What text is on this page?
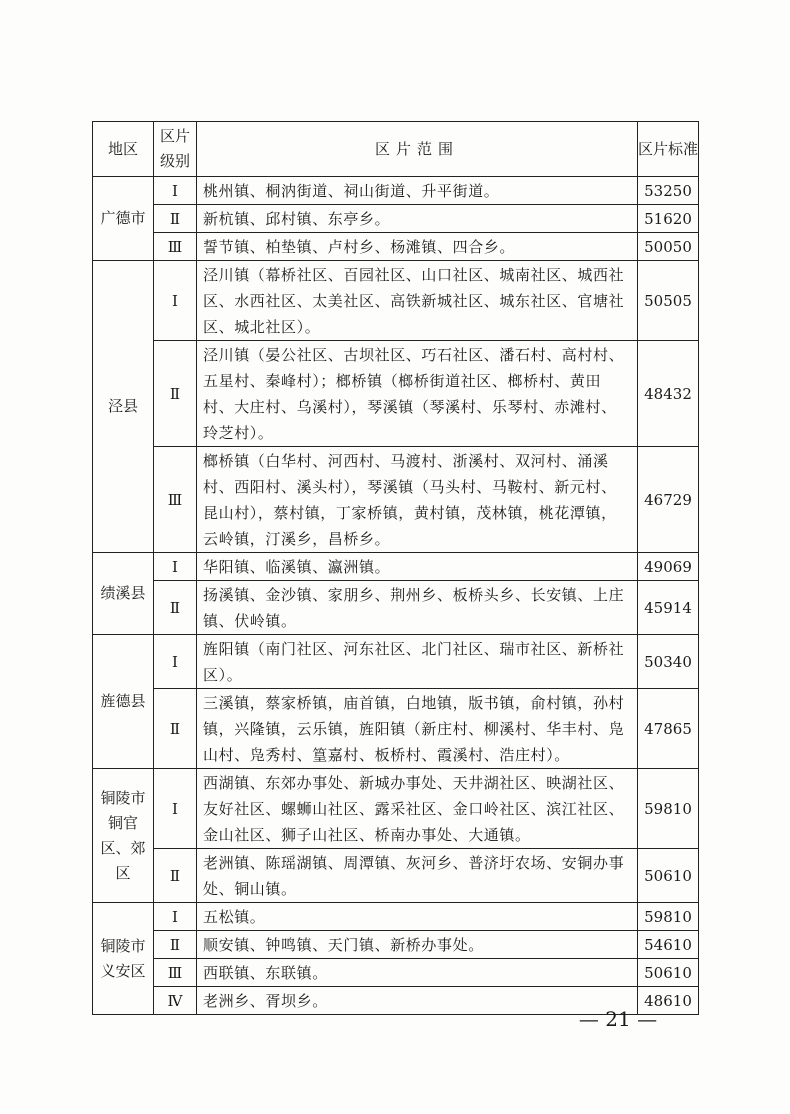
地区	区片级别	区片范围	区片标准
广德市	Ⅰ	桃州镇、桐汭街道、祠山街道、升平街道。	53250
	Ⅱ	新杭镇、邱村镇、东亭乡。	51620
	Ⅲ	誓节镇、柏垫镇、卢村乡、杨滩镇、四合乡。	50050
泾县	Ⅰ	泾川镇（幕桥社区、百园社区、山口社区、城南社区、城西社区、水西社区、太美社区、高铁新城社区、城东社区、官塘社区、城北社区）。	50505
	Ⅱ	泾川镇（晏公社区、古坝社区、巧石社区、潘石村、高村村、五星村、秦峰村）；榔桥镇（榔桥街道社区、榔桥村、黄田村、大庄村、乌溪村），琴溪镇（琴溪村、乐琴村、赤滩村、玲芝村）。	48432
	Ⅲ	榔桥镇（白华村、河西村、马渡村、浙溪村、双河村、涌溪村、西阳村、溪头村），琴溪镇（马头村、马鞍村、新元村、昆山村），蔡村镇，丁家桥镇，黄村镇，茂林镇，桃花潭镇，云岭镇，汀溪乡，昌桥乡。	46729
绩溪县	Ⅰ	华阳镇、临溪镇、瀛洲镇。	49069
	Ⅱ	扬溪镇、金沙镇、家朋乡、荆州乡、板桥头乡、长安镇、上庄镇、伏岭镇。	45914
旌德县	Ⅰ	旌阳镇（南门社区、河东社区、北门社区、瑞市社区、新桥社区）。	50340
	Ⅱ	三溪镇，蔡家桥镇，庙首镇，白地镇，版书镇，俞村镇，孙村镇，兴隆镇，云乐镇，旌阳镇（新庄村、柳溪村、华丰村、凫山村、凫秀村、篁嘉村、板桥村、霞溪村、浩庄村）。	47865
铜陵市铜官区、郊区	Ⅰ	西湖镇、东郊办事处、新城办事处、天井湖社区、映湖社区、友好社区、螺蛳山社区、露采社区、金口岭社区、滨江社区、金山社区、狮子山社区、桥南办事处、大通镇。	59810
	Ⅱ	老洲镇、陈瑶湖镇、周潭镇、灰河乡、普济圩农场、安铜办事处、铜山镇。	50610
铜陵市义安区	Ⅰ	五松镇。	59810
	Ⅱ	顺安镇、钟鸣镇、天门镇、新桥办事处。	54610
	Ⅲ	西联镇、东联镇。	50610
	Ⅳ	老洲乡、胥坝乡。	48610
— 21 —
